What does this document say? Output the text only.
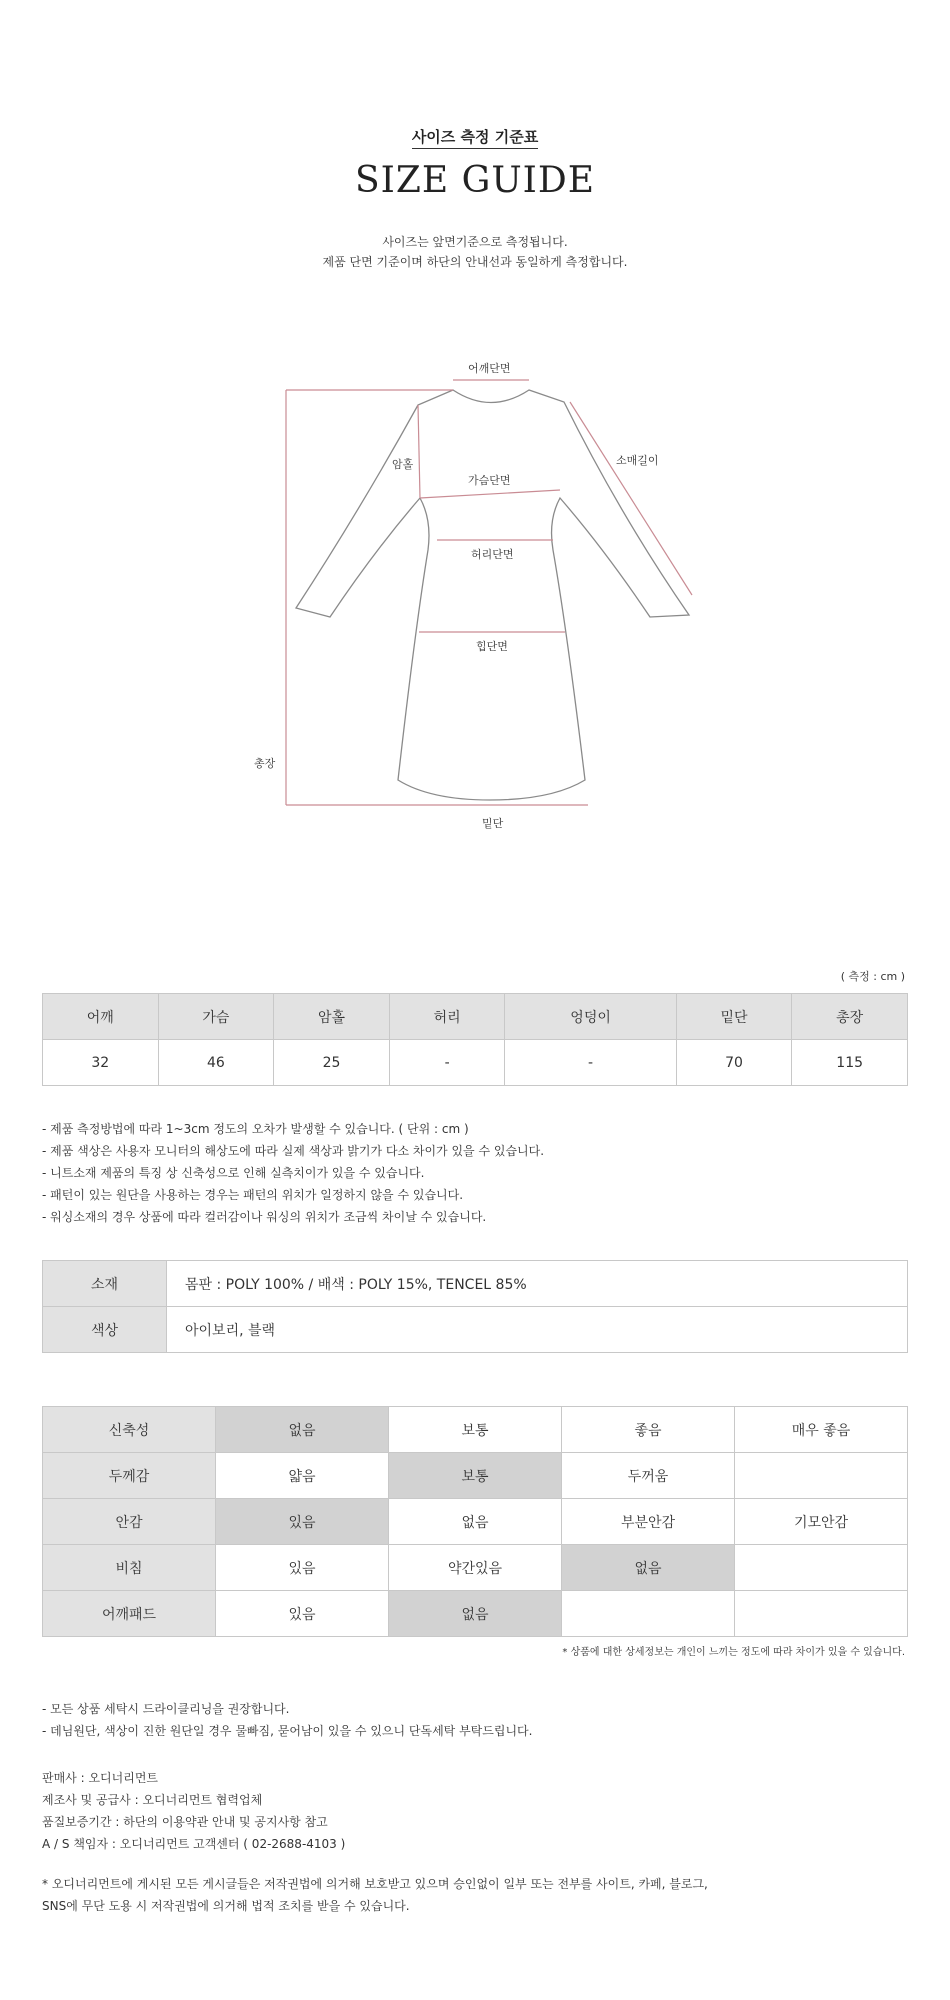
사이즈 측정 기준표
SIZE GUIDE
사이즈는 앞면기준으로 측정됩니다.
제품 단면 기준이며 하단의 안내선과 동일하게 측정합니다.
어깨단면
소매길이
암홀
가슴단면
허리단면
힙단면
총장
밑단
( 측정 : cm )
어깨	가슴	암홀	허리	엉덩이	밑단	총장
32	46	25	-	-	70	115
- 제품 측정방법에 따라 1~3cm 정도의 오차가 발생할 수 있습니다. ( 단위 : cm )
- 제품 색상은 사용자 모니터의 해상도에 따라 실제 색상과 밝기가 다소 차이가 있을 수 있습니다.
- 니트소재 제품의 특징 상 신축성으로 인해 실측치이가 있을 수 있습니다.
- 패턴이 있는 원단을 사용하는 경우는 패턴의 위치가 일정하지 않을 수 있습니다.
- 워싱소재의 경우 상품에 따라 컬러감이나 워싱의 위치가 조금씩 차이날 수 있습니다.
소재	몸판 : POLY 100% / 배색 : POLY 15%, TENCEL 85%
색상	아이보리, 블랙
신축성	없음	보통	좋음	매우 좋음
두께감	얇음	보통	두꺼움	
안감	있음	없음	부분안감	기모안감
비침	있음	약간있음	없음	
어깨패드	있음	없음		
* 상품에 대한 상세정보는 개인이 느끼는 정도에 따라 차이가 있을 수 있습니다.
- 모든 상품 세탁시 드라이클리닝을 권장합니다.
- 데님원단, 색상이 진한 원단일 경우 물빠짐, 묻어남이 있을 수 있으니 단독세탁 부탁드립니다.
판매사 : 오디너리먼트
제조사 및 공급사 : 오디너리먼트 협력업체
품질보증기간 : 하단의 이용약관 안내 및 공지사항 참고
A / S 책임자 : 오디너리먼트 고객센터 ( 02-2688-4103 )
* 오디너리먼트에 게시된 모든 게시글들은 저작권법에 의거해 보호받고 있으며 승인없이 일부 또는 전부를 사이트, 카페, 블로그,
SNS에 무단 도용 시 저작권법에 의거해 법적 조치를 받을 수 있습니다.
